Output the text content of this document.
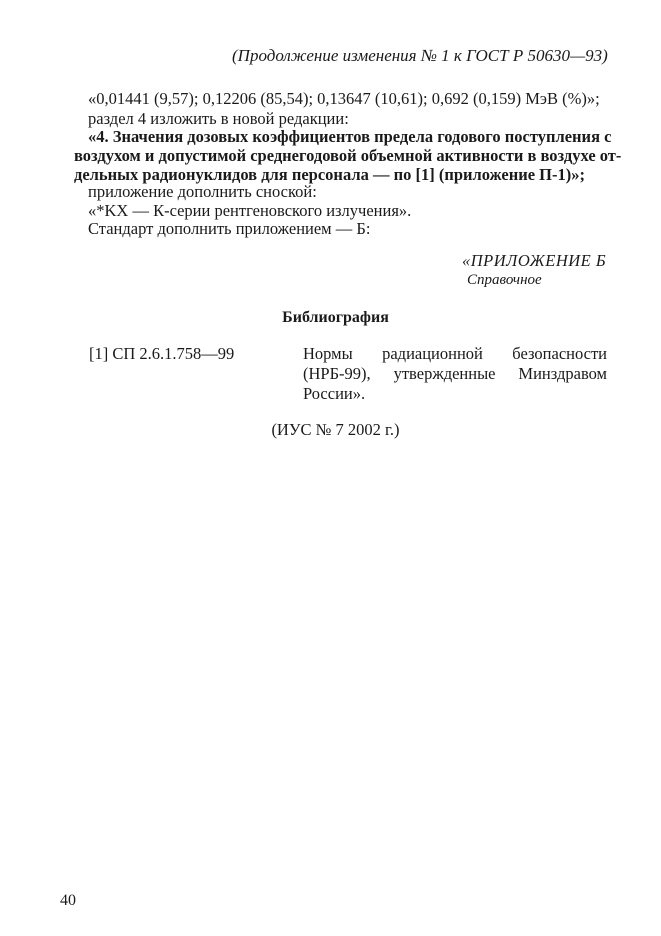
(Продолжение изменения № 1 к ГОСТ Р 50630—93)
«0,01441 (9,57); 0,12206 (85,54); 0,13647 (10,61); 0,692 (0,159) МэВ (%)»;
раздел 4 изложить в новой редакции:
«4. Значения дозовых коэффициентов предела годового поступления с
воздухом и допустимой среднегодовой объемной активности в воздухе от-
дельных радионуклидов для персонала — по [1] (приложение П-1)»;
приложение дополнить сноской:
«*KX — К-серии рентгеновского излучения».
Стандарт дополнить приложением — Б:
«ПРИЛОЖЕНИЕ Б
Справочное
Библиография
[1] СП 2.6.1.758—99	Нормы радиационной безопасности
(НРБ-99), утвержденные Минздравом
России».
(ИУС № 7 2002 г.)
40
